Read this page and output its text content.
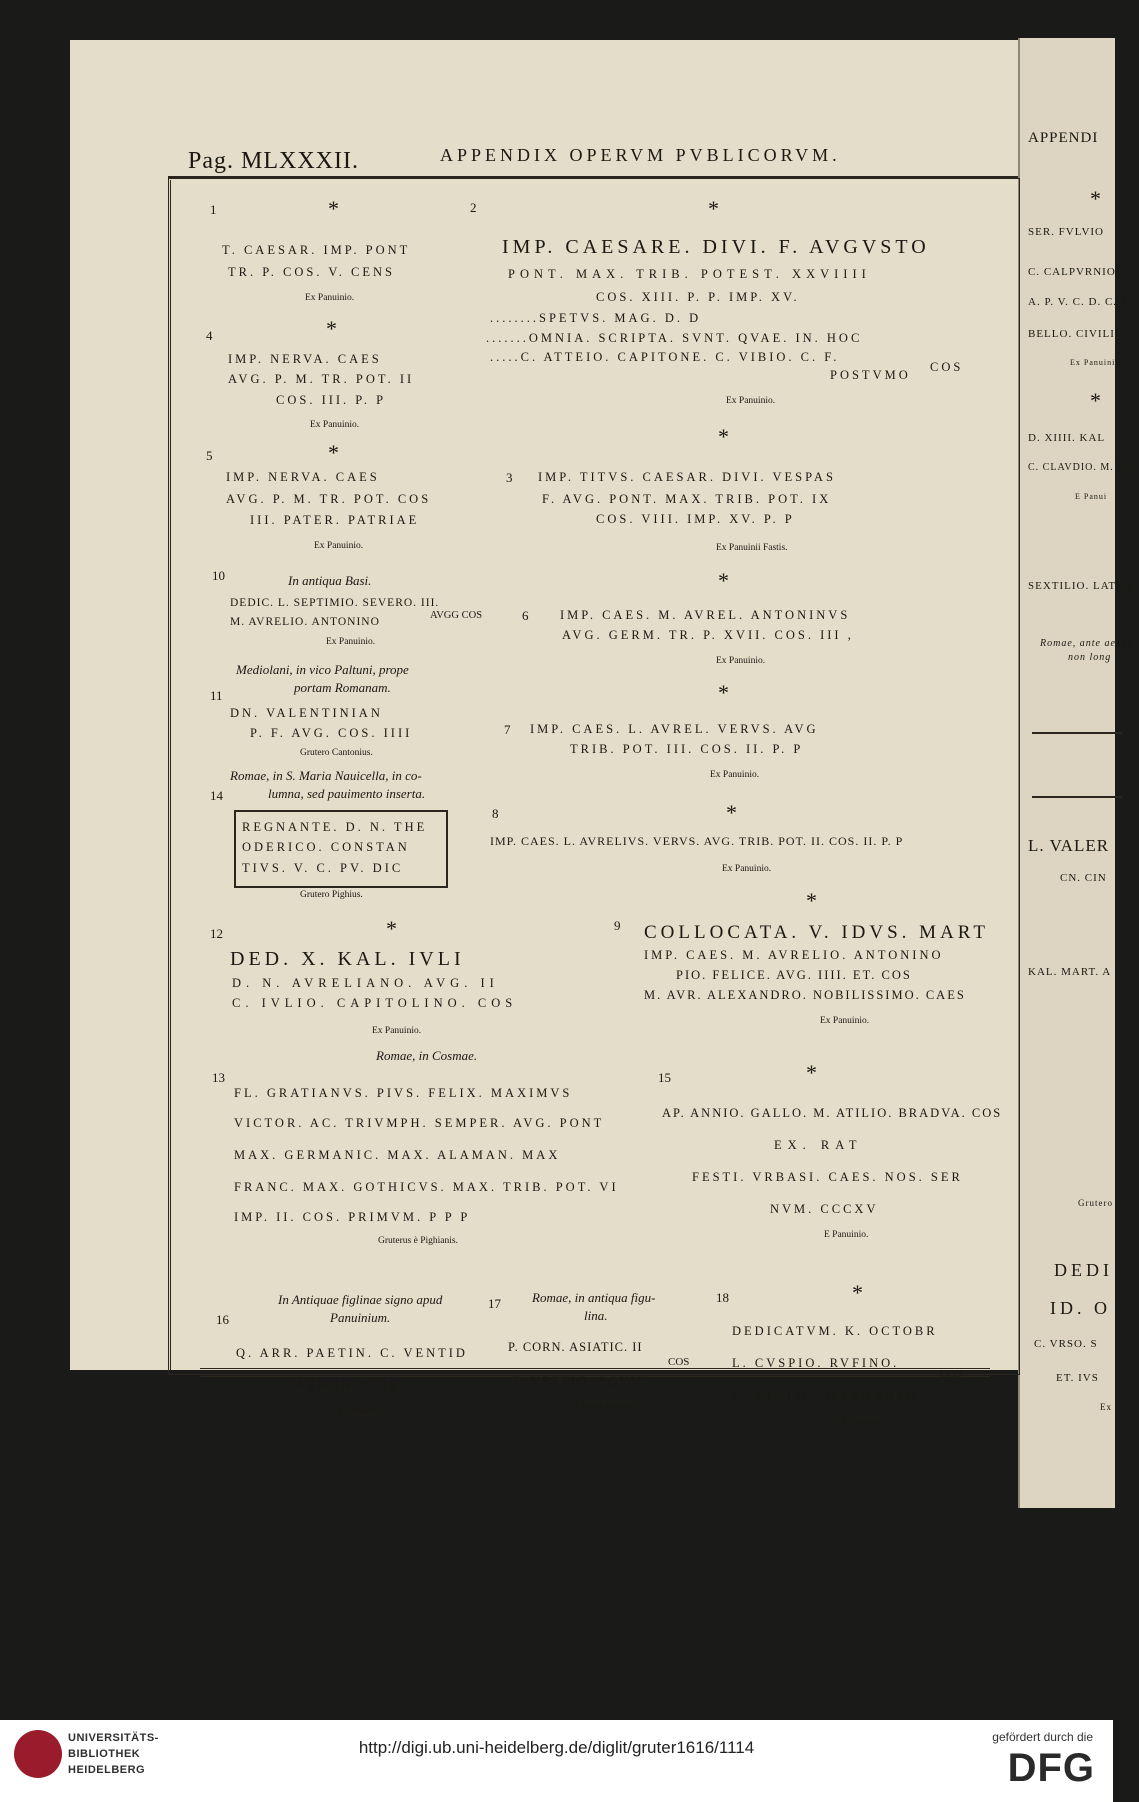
APPENDI
*
SER. FVLVIO
C. CALPVRNIO.
A. P. V. C. D. C. X
BELLO. CIVILI.
Ex Panuinii
*
D. XIIII. KAL
C. CLAVDIO. M. PER
E Panui
SEXTILIO. LATER
Romae, ante aedes
non long
L. VALER
CN. CIN
KAL. MART. A
Grutero
DEDI
ID. O
C. VRSO. S
ET. IVS
Ex
Pag. MLXXXII.	APPENDIX OPERVM PVBLICORVM.
1	*
T. CAESAR. IMP. PONT
TR. P. COS. V. CENS
Ex Panuinio.
2	*
IMP. CAESARE. DIVI. F. AVGVSTO
PONT. MAX. TRIB. POTEST. XXVIIII
COS. XIII. P. P. IMP. XV.
........SPETVS. MAG. D. D
.......OMNIA. SCRIPTA. SVNT. QVAE. IN. HOC
.....C. ATTEIO. CAPITONE. C. VIBIO. C. F.
POSTVMO
COS
Ex Panuinio.
4	*
IMP. NERVA. CAES
AVG. P. M. TR. POT. II
COS. III. P. P
Ex Panuinio.
5	*
IMP. NERVA. CAES
AVG. P. M. TR. POT. COS
III. PATER. PATRIAE
Ex Panuinio.
*
3 IMP. TITVS. CAESAR. DIVI. VESPAS
F. AVG. PONT. MAX. TRIB. POT. IX
COS. VIII. IMP. XV. P. P
Ex Panuinii Fastis.
10	In antiqua Basi.
DEDIC. L. SEPTIMIO. SEVERO. III.
M. AVRELIO. ANTONINO
AVGG COS
Ex Panuinio.
*
6	IMP. CAES. M. AVREL. ANTONINVS
AVG. GERM. TR. P. XVII. COS. III ,
Ex Panuinio.
Mediolani, in vico Paltuni, prope
portam Romanam.
11
DN. VALENTINIAN
P. F. AVG. COS. IIII
Grutero Cantonius.
*
7 IMP. CAES. L. AVREL. VERVS. AVG
TRIB. POT. III. COS. II. P. P
Ex Panuinio.
Romae, in S. Maria Nauicella, in co-
lumna, sed pauimento inserta.
14
REGNANTE. D. N. THE
ODERICO. CONSTAN
TIVS. V. C. PV. DIC
Grutero Pighius.
8	*
IMP. CAES. L. AVRELIVS. VERVS. AVG. TRIB. POT. II. COS. II. P. P
Ex Panuinio.
12	*
DED. X. KAL. IVLI
D. N. AVRELIANO. AVG. II
C. IVLIO. CAPITOLINO. COS
Ex Panuinio.
Romae, in Cosmae.
*
9 COLLOCATA. V. IDVS. MART
IMP. CAES. M. AVRELIO. ANTONINO
PIO. FELICE. AVG. IIII. ET. COS
M. AVR. ALEXANDRO. NOBILISSIMO. CAES
Ex Panuinio.
13
FL. GRATIANVS. PIVS. FELIX. MAXIMVS
VICTOR. AC. TRIVMPH. SEMPER. AVG. PONT
MAX. GERMANIC. MAX. ALAMAN. MAX
FRANC. MAX. GOTHICVS. MAX. TRIB. POT. VI
IMP. II. COS. PRIMVM. P P P
Gruterus è Pighianis.
15	*
AP. ANNIO. GALLO. M. ATILIO. BRADVA. COS
EX. RAT
FESTI. VRBASI. CAES. NOS. SER
NVM. CCCXV
E Panuinio.
In Antiquae figlinae signo apud
Panuinium.
16
Q. ARR. PAETIN. C. VENTID
APRON. COS
Ex Panuinio.
17 Romae, in antiqua figu-
lina.
P. CORN. ASIATIC. II
T. VETTIO. AQVIL
COS
Ex Fastis Panuinii.
18	*
DEDICATVM. K. OCTOBR
L. CVSPIO. RVFINO.
L. STATIO. QVADRATO
COS
Ex Panuinio.
UNIVERSITÄTS-
BIBLIOTHEK
HEIDELBERG
http://digi.ub.uni-heidelberg.de/diglit/gruter1616/1114
gefördert durch die
DFG
